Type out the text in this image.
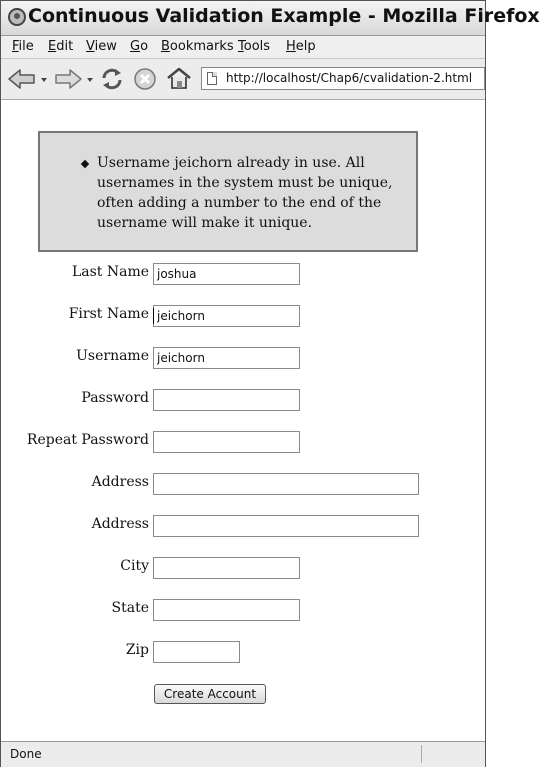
Continuous Validation Example - Mozilla Firefox
File Edit View Go Bookmarks Tools Help
http://localhost/Chap6/cvalidation-2.html
Username jeichorn already in use. All usernames in the system must be unique, often adding a number to the end of the username will make it unique.
Last Name
joshua
First Name
jeichorn
Username
jeichorn
Password
Repeat Password
Address
Address
City
State
Zip
Create Account
Done
